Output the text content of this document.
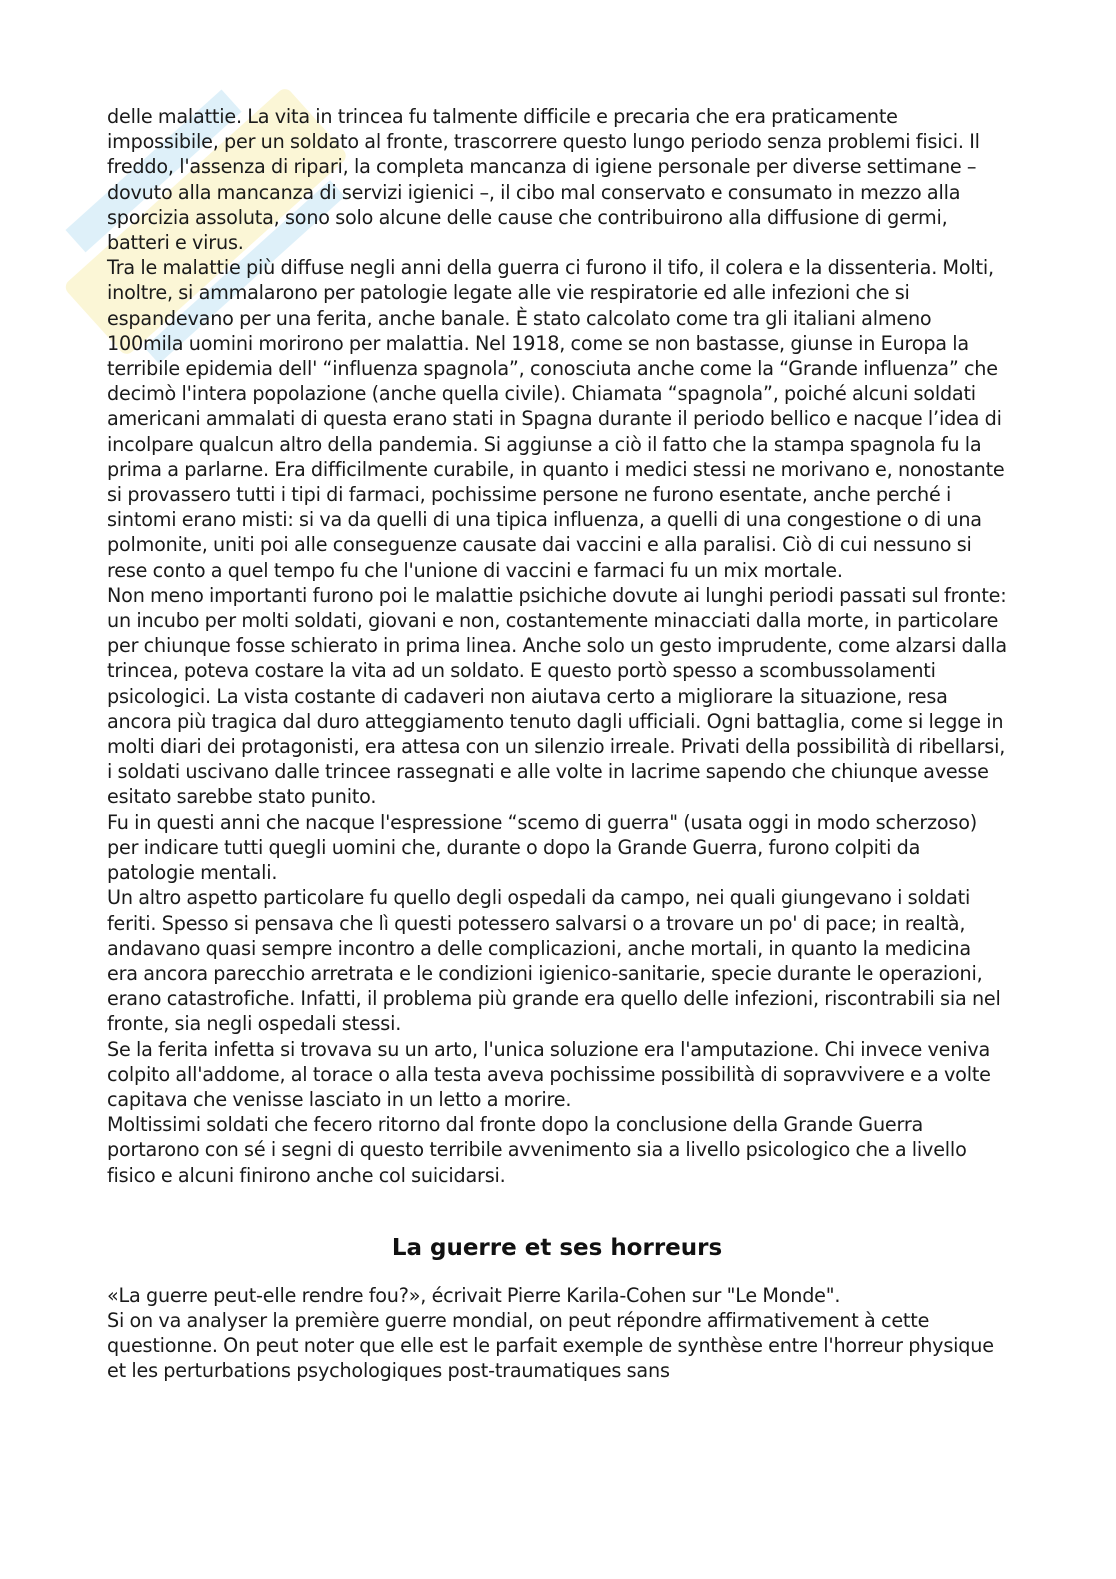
delle malattie. La vita in trincea fu talmente difficile e precaria che era praticamente impossibile, per un soldato al fronte, trascorrere questo lungo periodo senza problemi fisici. Il freddo, l'assenza di ripari, la completa mancanza di igiene personale per diverse settimane – dovuto alla mancanza di servizi igienici –, il cibo mal conservato e consumato in mezzo alla sporcizia assoluta, sono solo alcune delle cause che contribuirono alla diffusione di germi, batteri e virus.

Tra le malattie più diffuse negli anni della guerra ci furono il tifo, il colera e la dissenteria. Molti, inoltre, si ammalarono per patologie legate alle vie respiratorie ed alle infezioni che si espandevano per una ferita, anche banale. È stato calcolato come tra gli italiani almeno 100mila uomini morirono per malattia. Nel 1918, come se non bastasse, giunse in Europa la terribile epidemia dell' “influenza spagnola”, conosciuta anche come la “Grande influenza” che decimò l'intera popolazione (anche quella civile). Chiamata “spagnola”, poiché alcuni soldati americani ammalati di questa erano stati in Spagna durante il periodo bellico e nacque l’idea di incolpare qualcun altro della pandemia. Si aggiunse a ciò il fatto che la stampa spagnola fu la prima a parlarne. Era difficilmente curabile, in quanto i medici stessi ne morivano e, nonostante si provassero tutti i tipi di farmaci, pochissime persone ne furono esentate, anche perché i sintomi erano misti: si va da quelli di una tipica influenza, a quelli di una congestione o di una polmonite, uniti poi alle conseguenze causate dai vaccini e alla paralisi. Ciò di cui nessuno si rese conto a quel tempo fu che l'unione di vaccini e farmaci fu un mix mortale.

Non meno importanti furono poi le malattie psichiche dovute ai lunghi periodi passati sul fronte: un incubo per molti soldati, giovani e non, costantemente minacciati dalla morte, in particolare per chiunque fosse schierato in prima linea. Anche solo un gesto imprudente, come alzarsi dalla trincea, poteva costare la vita ad un soldato. E questo portò spesso a scombussolamenti psicologici. La vista costante di cadaveri non aiutava certo a migliorare la situazione, resa ancora più tragica dal duro atteggiamento tenuto dagli ufficiali. Ogni battaglia, come si legge in molti diari dei protagonisti, era attesa con un silenzio irreale. Privati della possibilità di ribellarsi, i soldati uscivano dalle trincee rassegnati e alle volte in lacrime sapendo che chiunque avesse esitato sarebbe stato punito.

Fu in questi anni che nacque l'espressione “scemo di guerra" (usata oggi in modo scherzoso) per indicare tutti quegli uomini che, durante o dopo la Grande Guerra, furono colpiti da patologie mentali.

Un altro aspetto particolare fu quello degli ospedali da campo, nei quali giungevano i soldati feriti. Spesso si pensava che lì questi potessero salvarsi o a trovare un po' di pace; in realtà, andavano quasi sempre incontro a delle complicazioni, anche mortali, in quanto la medicina era ancora parecchio arretrata e le condizioni igienico-sanitarie, specie durante le operazioni, erano catastrofiche. Infatti, il problema più grande era quello delle infezioni, riscontrabili sia nel fronte, sia negli ospedali stessi.

Se la ferita infetta si trovava su un arto, l'unica soluzione era l'amputazione. Chi invece veniva colpito all'addome, al torace o alla testa aveva pochissime possibilità di sopravvivere e a volte capitava che venisse lasciato in un letto a morire.

Moltissimi soldati che fecero ritorno dal fronte dopo la conclusione della Grande Guerra portarono con sé i segni di questo terribile avvenimento sia a livello psicologico che a livello fisico e alcuni finirono anche col suicidarsi.

La guerre et ses horreurs

«La guerre peut-elle rendre fou?», écrivait Pierre Karila-Cohen sur "Le Monde".

Si on va analyser la première guerre mondial, on peut répondre affirmativement à cette questionne. On peut noter que elle est le parfait exemple de synthèse entre l'horreur physique et les perturbations psychologiques post-traumatiques sans
